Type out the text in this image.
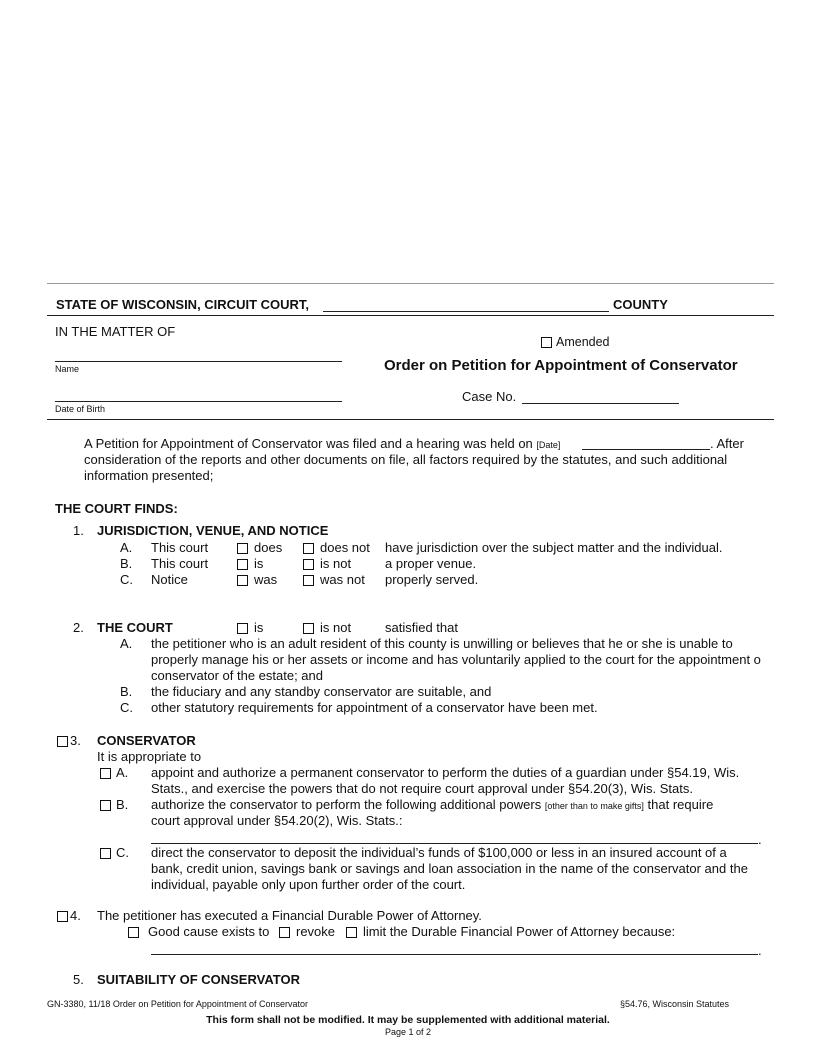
STATE OF WISCONSIN, CIRCUIT COURT,	COUNTY
IN THE MATTER OF
Amended
Name	Order on Petition for Appointment of Conservator
Case No.
Date of Birth
A Petition for Appointment of Conservator was filed and a hearing was held on [Date]	. After
consideration of the reports and other documents on file, all factors required by the statutes, and such additional
information presented;
THE COURT FINDS:
1. JURISDICTION, VENUE, AND NOTICE
A. This court	does	does not have jurisdiction over the subject matter and the individual.
B. This court	is	is not	a proper venue.
C. Notice	was	was not properly served.
2. THE COURT	is	is not	satisfied that
A. the petitioner who is an adult resident of this county is unwilling or believes that he or she is unable to
properly manage his or her assets or income and has voluntarily applied to the court for the appointment o
conservator of the estate; and
B. the fiduciary and any standby conservator are suitable, and
C. other statutory requirements for appointment of a conservator have been met.
3. CONSERVATOR
It is appropriate to
A. appoint and authorize a permanent conservator to perform the duties of a guardian under §54.19, Wis.
Stats., and exercise the powers that do not require court approval under §54.20(3), Wis. Stats.
B. authorize the conservator to perform the following additional powers [other than to make gifts] that require
court approval under §54.20(2), Wis. Stats.:
.
C. direct the conservator to deposit the individual’s funds of $100,000 or less in an insured account of a
bank, credit union, savings bank or savings and loan association in the name of the conservator and the
individual, payable only upon further order of the court.
4. The petitioner has executed a Financial Durable Power of Attorney.
Good cause exists to revoke limit the Durable Financial Power of Attorney because:
.
5. SUITABILITY OF CONSERVATOR
GN-3380, 11/18 Order on Petition for Appointment of Conservator	§54.76, Wisconsin Statutes
This form shall not be modified. It may be supplemented with additional material.
Page 1 of 2
